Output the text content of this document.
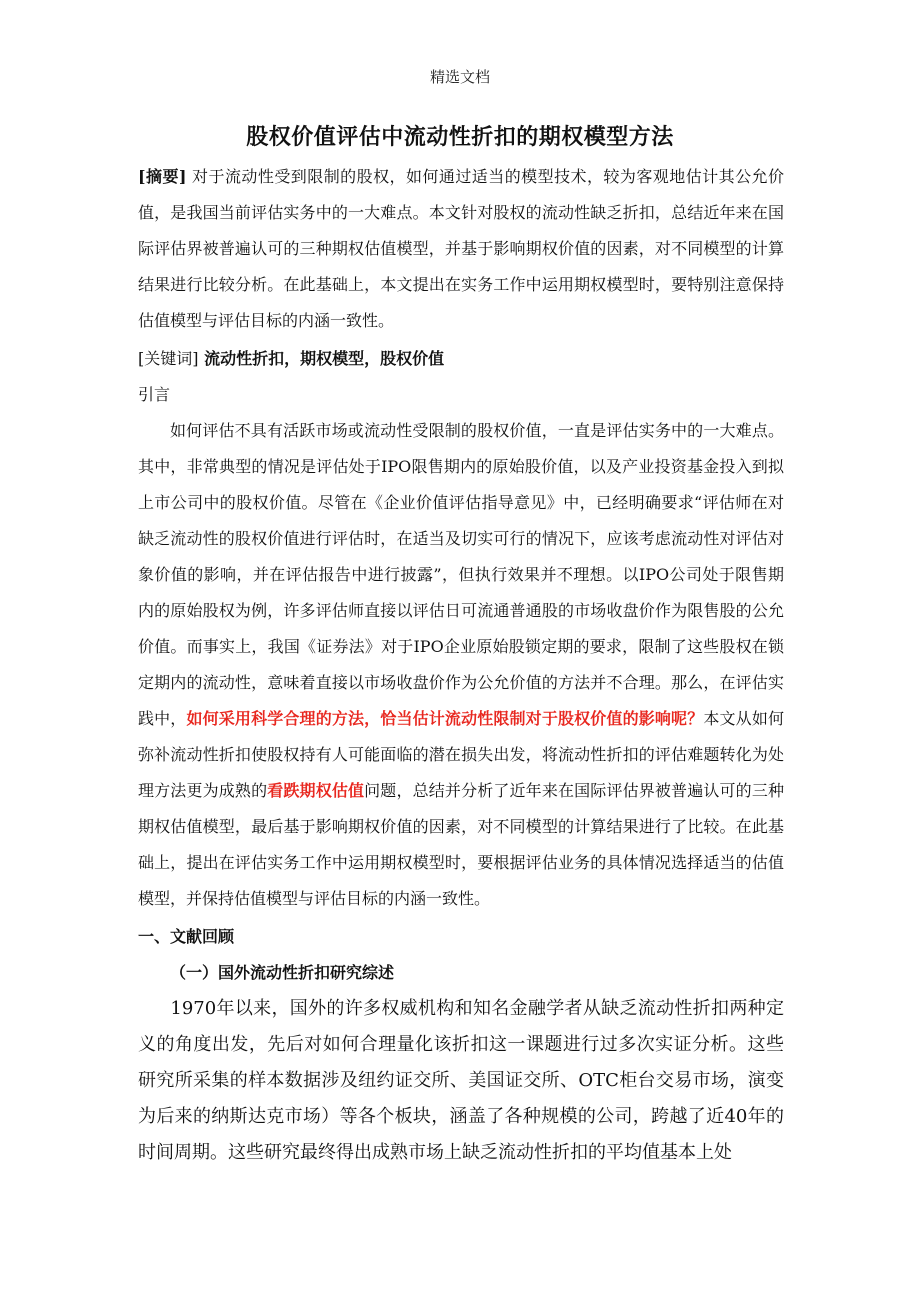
精选文档
股权价值评估中流动性折扣的期权模型方法
[摘要] 对于流动性受到限制的股权，如何通过适当的模型技术，较为客观地估计其公允价值，是我国当前评估实务中的一大难点。本文针对股权的流动性缺乏折扣，总结近年来在国际评估界被普遍认可的三种期权估值模型，并基于影响期权价值的因素，对不同模型的计算结果进行比较分析。在此基础上，本文提出在实务工作中运用期权模型时，要特别注意保持估值模型与评估目标的内涵一致性。
[关键词] 流动性折扣，期权模型，股权价值
引言
如何评估不具有活跃市场或流动性受限制的股权价值，一直是评估实务中的一大难点。其中，非常典型的情况是评估处于IPO限售期内的原始股价值，以及产业投资基金投入到拟上市公司中的股权价值。尽管在《企业价值评估指导意见》中，已经明确要求“评估师在对缺乏流动性的股权价值进行评估时，在适当及切实可行的情况下，应该考虑流动性对评估对象价值的影响，并在评估报告中进行披露”，但执行效果并不理想。以IPO公司处于限售期内的原始股权为例，许多评估师直接以评估日可流通普通股的市场收盘价作为限售股的公允价值。而事实上，我国《证券法》对于IPO企业原始股锁定期的要求，限制了这些股权在锁定期内的流动性，意味着直接以市场收盘价作为公允价值的方法并不合理。那么，在评估实践中，如何采用科学合理的方法，恰当估计流动性限制对于股权价值的影响呢？本文从如何弥补流动性折扣使股权持有人可能面临的潜在损失出发，将流动性折扣的评估难题转化为处理方法更为成熟的看跌期权估值问题，总结并分析了近年来在国际评估界被普遍认可的三种期权估值模型，最后基于影响期权价值的因素，对不同模型的计算结果进行了比较。在此基础上，提出在评估实务工作中运用期权模型时，要根据评估业务的具体情况选择适当的估值模型，并保持估值模型与评估目标的内涵一致性。
一、文献回顾
（一）国外流动性折扣研究综述
1970年以来，国外的许多权威机构和知名金融学者从缺乏流动性折扣两种定义的角度出发，先后对如何合理量化该折扣这一课题进行过多次实证分析。这些研究所采集的样本数据涉及纽约证交所、美国证交所、OTC柜台交易市场，演变为后来的纳斯达克市场）等各个板块，涵盖了各种规模的公司，跨越了近40年的时间周期。这些研究最终得出成熟市场上缺乏流动性折扣的平均值基本上处
